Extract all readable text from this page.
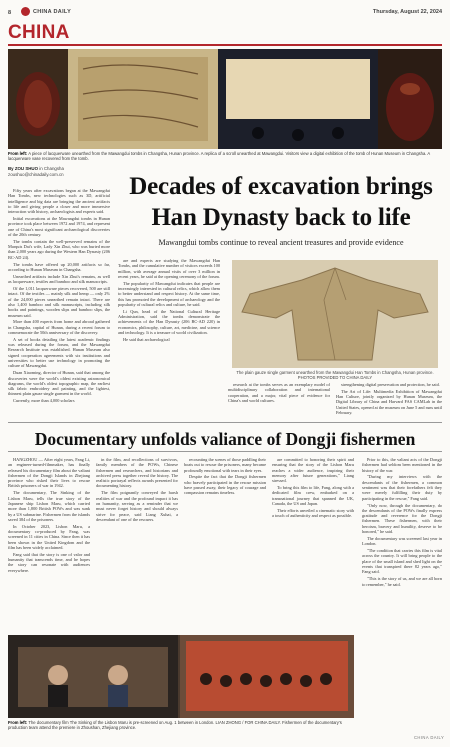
8	CHINA DAILY	Thursday, August 22, 2024
CHINA
From left: A piece of lacquerware unearthed from the Mawangdui tombs in Changsha, Hunan province. A replica of a scroll unearthed at Mawangdui. Visitors view a digital exhibition of the tomb of Hunan Museum in Changsha. A lacquerware vase recovered from the tomb.
By ZOU SHUO in Changsha
zoushuo@chinadaily.com.cn	Decades of excavation brings Han Dynasty back to life
Mawangdui tombs continue to reveal ancient treasures and provide evidence

Fifty years after excavations began at the Mawangdui Han Tombs, new technologies such as 3D, artificial intelligence and big data are bringing the ancient artifacts to life and giving people a closer and more immersive interaction with history, archaeologists and experts said.

Initial excavations at the Mawangdui tombs in Hunan province took place between 1972 and 1974, and represent one of China's most significant archaeological discoveries of the 20th century.

The tombs contain the well-preserved remains of the Marquis Dai's wife, Lady Xin Zhui, who was buried more than 2,000 years ago during the Western Han Dynasty (206 BC-AD 24).

The tombs have offered up 20,000 artifacts so far, according to Hunan Museum in Changsha.

Unearthed artifacts include Xin Zhui's remains, as well as lacquerware, textiles and bamboo and silk manuscripts.

Of the 1,011 lacquerware pieces recovered, 500 are still intact. Of the textiles — mainly silk and hemp — only 2% of the 24,000 pieces unearthed remain intact. There are also 1,400 bamboo and silk manuscripts, including silk books and paintings, wooden slips and bamboo slips, the museum said.

More than 400 experts from home and abroad gathered in Changsha, capital of Hunan, during a recent forum to commemorate the 50th anniversary of the discovery.

A set of books detailing the latest academic findings was released during the forum, and the Mawangdui Research Institute was established. Hunan Museum also signed cooperation agreements with six institutions and universities to better use technology in promoting the culture of Mawangdui.

Duan Xiaoming, director of Hunan, said that among the discoveries were the world's oldest existing astronomical diagrams, the world's oldest topographic map, the earliest silk fabric embroidery and painting, and the lightest, thinnest plain gauze single garment in the world.

Currently, more than 4,000 scholars

are and experts are studying the Mawangdui Han Tombs, and the cumulative number of visitors exceeds 100 million, with average annual visits of over 3 million in recent years, he said at the opening ceremony of the forum.

The popularity of Mawangdui indicates that people are increasingly interested in cultural relics, which allow them to better understand and respect history. At the same time, this has promoted the development of archaeology and the popularity of cultural relics and culture, he said.

Li Qun, head of the National Cultural Heritage Administration, said the tombs demonstrate the achievements of the Han Dynasty (206 BC-AD 220) in economics, philosophy, culture, art, medicine, and science and technology. It is a treasure of world civilization.

He said that archaeological

The plain gauze single garment unearthed from the Mawangdui Han Tombs in Changsha, Hunan province.
PHOTOS PROVIDED TO CHINA DAILY

research at the tombs serves as an exemplary model of multidisciplinary collaboration and international cooperation, and a major, vital piece of evidence for China's and world cultures.

strengthening digital preservation and protection, he said.

The Art of Life: Multimedia Exhibition of Mawangdui Han Culture, jointly organized by Hunan Museum, the Digital Library of China and Harvard FAS CAMLab in the United States, opened at the museum on June 5 and runs until February.

Documentary unfolds valiance of Dongji fishermen

HANGZHOU — After eight years, Fang Li, an engineer-turned-filmmaker, has finally released his documentary film about the valiant fishermen of the Dongji Islands in Zhejiang province who risked their lives to rescue British prisoners of war in 1942.

The documentary, The Sinking of the Lisbon Maru, tells the true story of the Japanese ship Lisbon Maru, which carried more than 1,800 British POWs and was sunk by a US submarine. Fishermen from the islands saved 384 of the prisoners.

In October 2023, Lisbon Maru, a documentary co-produced by Fang, was screened in 11 cities in China. Since then it has been shown in the United Kingdom and the film has been widely acclaimed.

Fang said that the story is one of valor and humanity that transcends time, and he hopes the story can resonate with audiences everywhere.

in the film, and recollections of survivors, family members of the POWs, Chinese fishermen and researchers, and historians and archived press together reveal the history. The realistic portrayal reflects awards presented for documenting history.

The film poignantly conveyed the harsh realities of war and the profound impact it has on humanity, serving as a reminder that we must never forget history and should always strive for peace, said Liang Xuhai, a descendant of one of the rescuers.

recounting the scenes of those paddling their boats out to rescue the prisoners, many became profoundly emotional with tears in their eyes.

Despite the fact that the Dongji fishermen who bravely participated in the rescue mission have passed away, their legacy of courage and compassion remains timeless.

are committed to honoring their spirit and ensuring that the story of the Lisbon Maru reaches a wider audience, inspiring their memory after future generations," Liang stressed.

To bring this film to life, Fang, along with a dedicated film crew, embarked on a transnational journey that spanned the UK, Canada, the US and Japan.

Their efforts unveiled a cinematic story with a touch of authenticity and respect as possible.

Prior to this, the valiant acts of the Dongji fishermen had seldom been mentioned in the history of the war.

"During my interviews with the descendants of the fishermen, a common sentiment was that their forefathers felt they were merely fulfilling their duty by participating in the rescue," Fang said.

"Only now, through the documentary, do the descendants of the POWs finally express gratitude and reverence for the Dongji fishermen. These fishermen, with their heroism, bravery and humility, deserve to be honored," he said.

The documentary was screened last year in London.

"The condition that carries this film is vital across the country. It will bring people to the place of the small island and shed light on the events that transpired there 82 years ago," Fang said.

"This is the story of us, and we are all born to remember," he said.

From left: The documentary film The Sinking of the Lisbon Maru is pre-screened on Aug. 1 between in London. LIAN ZHONG / FOR CHINA DAILY. Fishermen of the documentary's production team attend the premiere in Zhoushan, Zhejiang province.
CHINA DAILY
